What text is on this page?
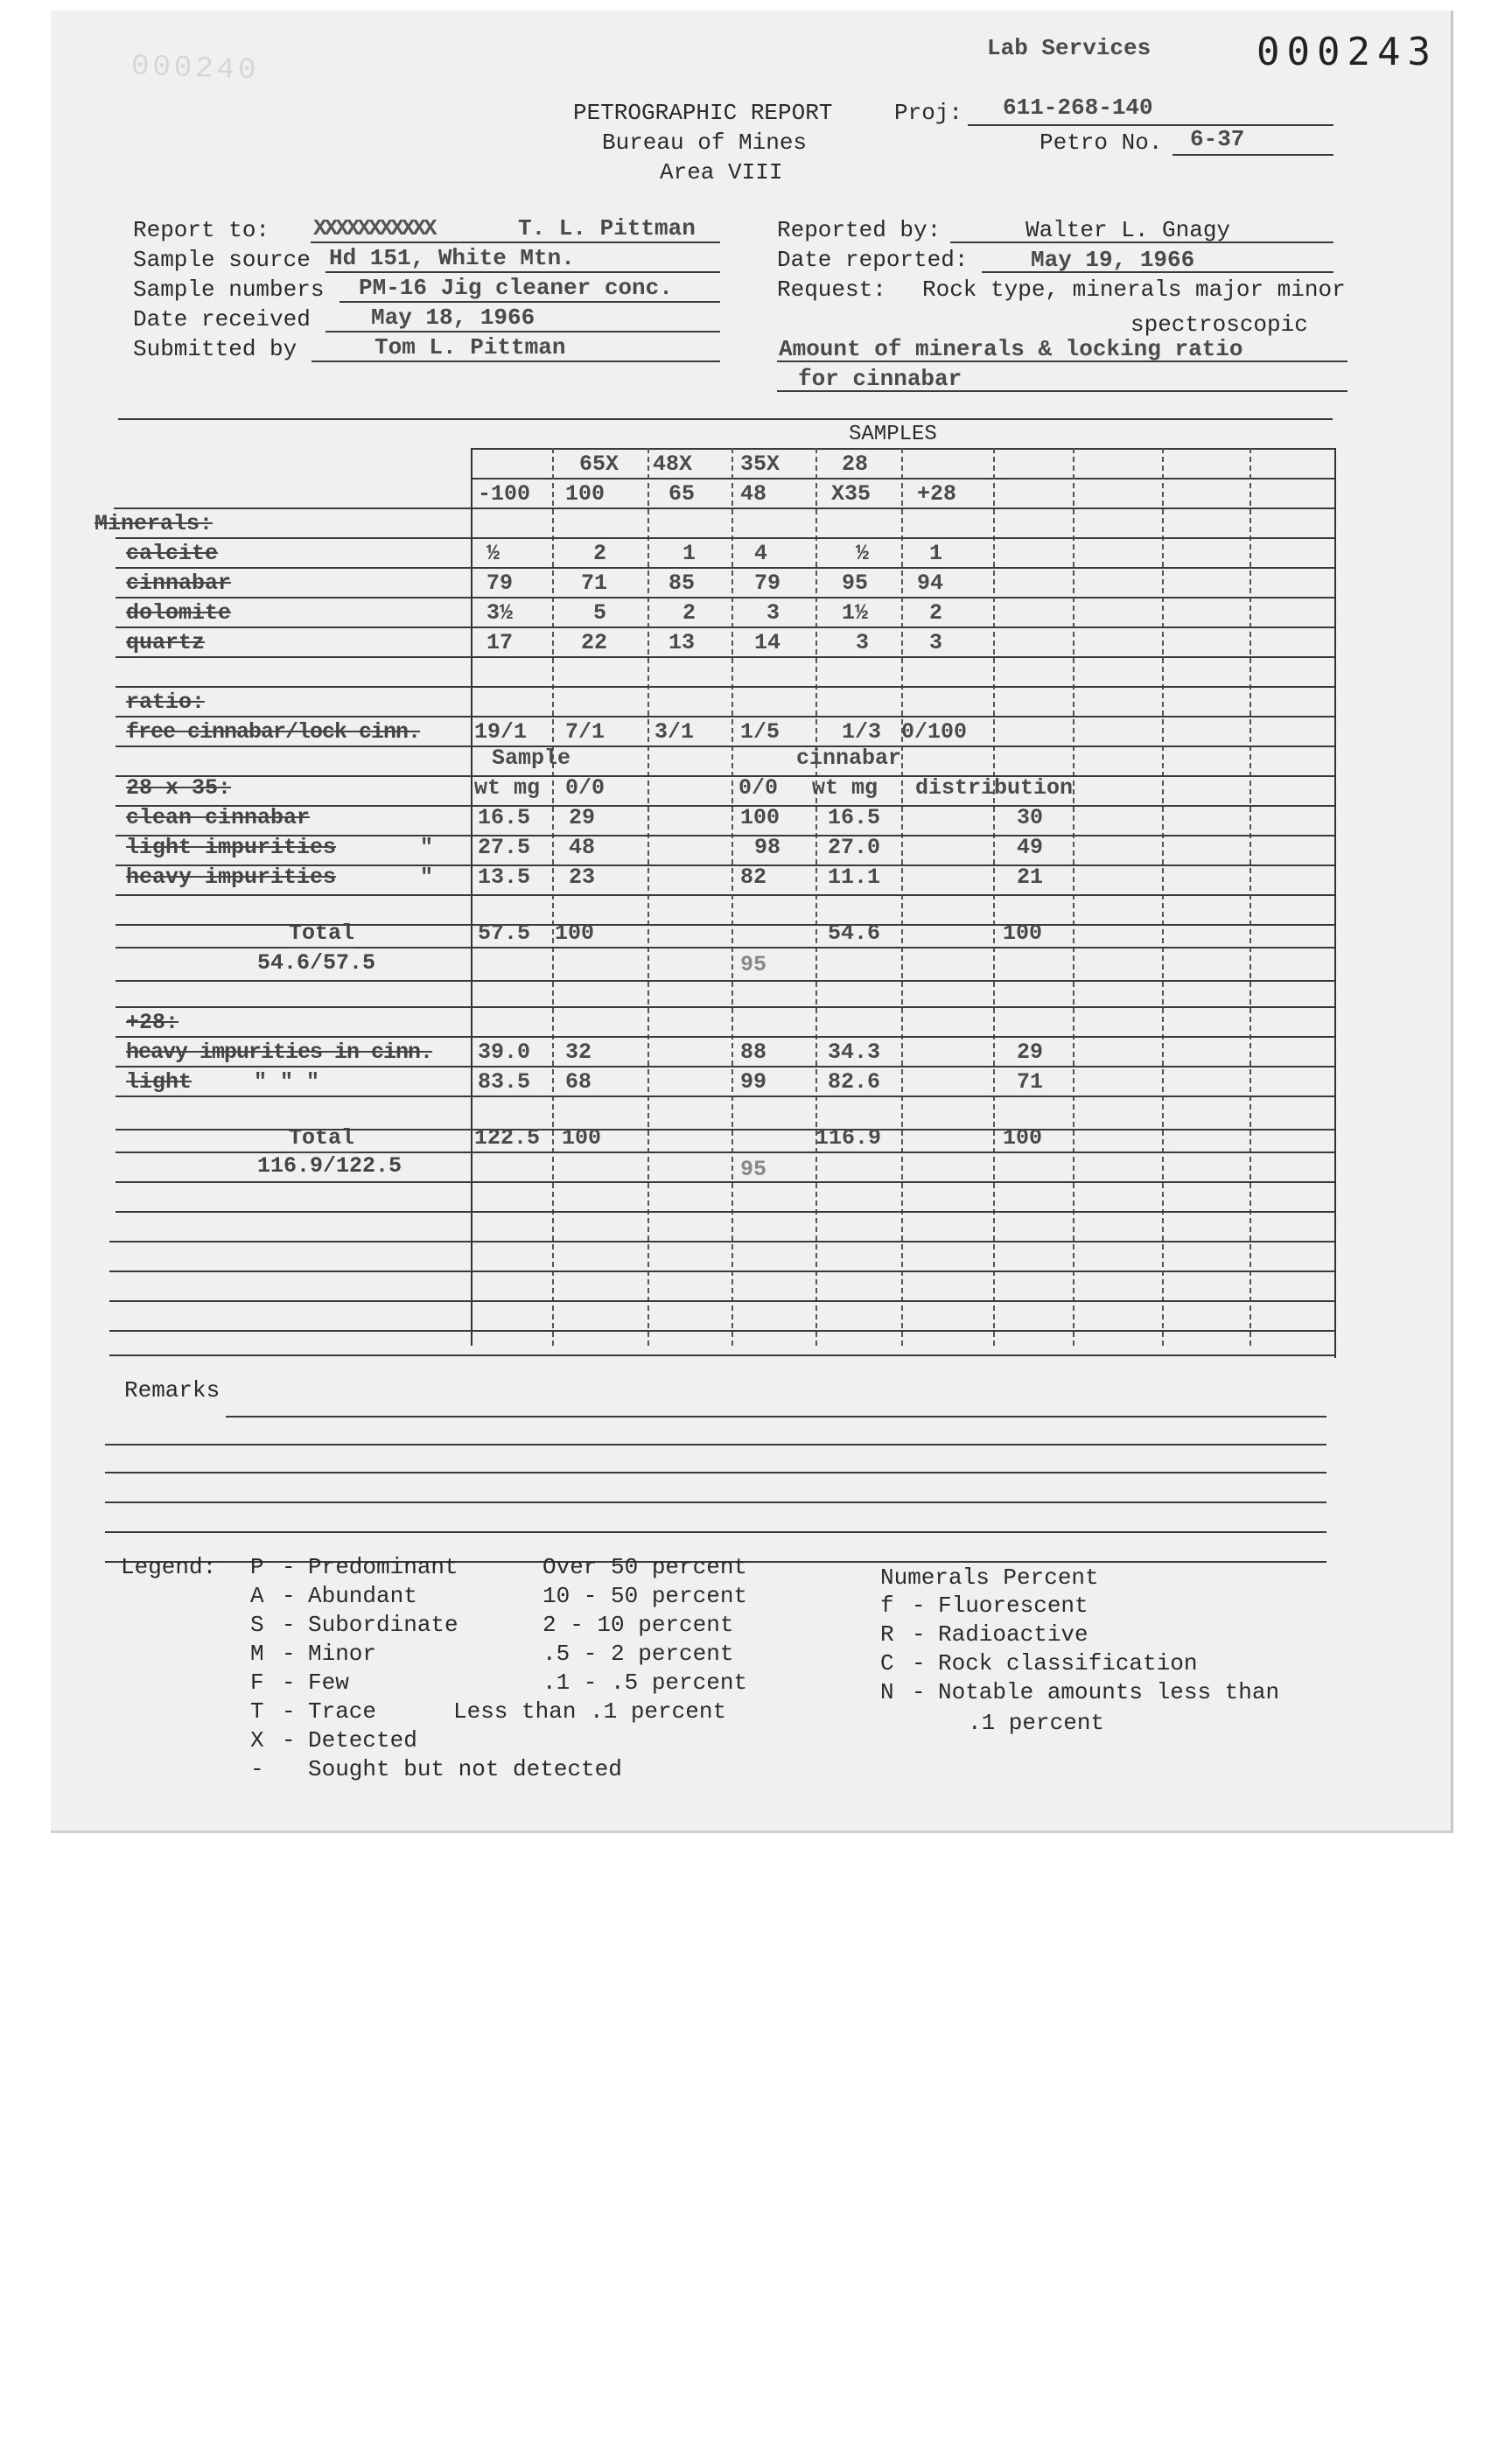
000240
Lab Services	000243
PETROGRAPHIC REPORT
Bureau of Mines
Area VIII
Proj: 611-268-140
Petro No. 6-37
Report to: XXXXXXXXXXX	T. L. Pittman
Sample source Hd 151, White Mtn.
Sample numbers PM-16 Jig cleaner conc.
Date received	May 18, 1966
Submitted by	Tom L. Pittman
Reported by:	Walter L. Gnagy
Date reported:	May 19, 1966
Request: Rock type, minerals major minor
spectroscopic
Amount of minerals & locking ratio
for cinnabar
SAMPLES
65X 48X 35X	28
-100 100	65 48	X35 +28
Minerals:
calcite	½	2	1	4	½	1
cinnabar	79	71	85	79	95 94
dolomite	3½	5	2	3	1½	2
quartz	17	22	13	14	3	3
ratio:
free cinnabar/lock cinn. 19/1 7/1 3/1 1/5	1/3 0/100
Sample	cinnabar
wt mg 0/0	0/0 wt mg distribution
28 x 35:
clean cinnabar	16.5 29	100 16.5	30
light impurities	" 27.5 48	98 27.0	49
heavy impurities	" 13.5 23	82	11.1	21
Total	57.5 100	54.6	100
54.6/57.5	95
+28:
heavy impurities in cinn. 39.0 32	88	34.3	29
light	" " "	83.5 68	99	82.6	71
Total	122.5 100	116.9	100
116.9/122.5	95
Remarks
Legend: P - Predominant	Over 50 percent
A - Abundant	10 - 50 percent
S - Subordinate	2 - 10 percent
M - Minor	.5 - 2 percent
F - Few	.1 - .5 percent
T - Trace	Less than .1 percent
X - Detected
- Sought but not detected
Numerals Percent
f - Fluorescent
R - Radioactive
C - Rock classification
N - Notable amounts less than
.1 percent
